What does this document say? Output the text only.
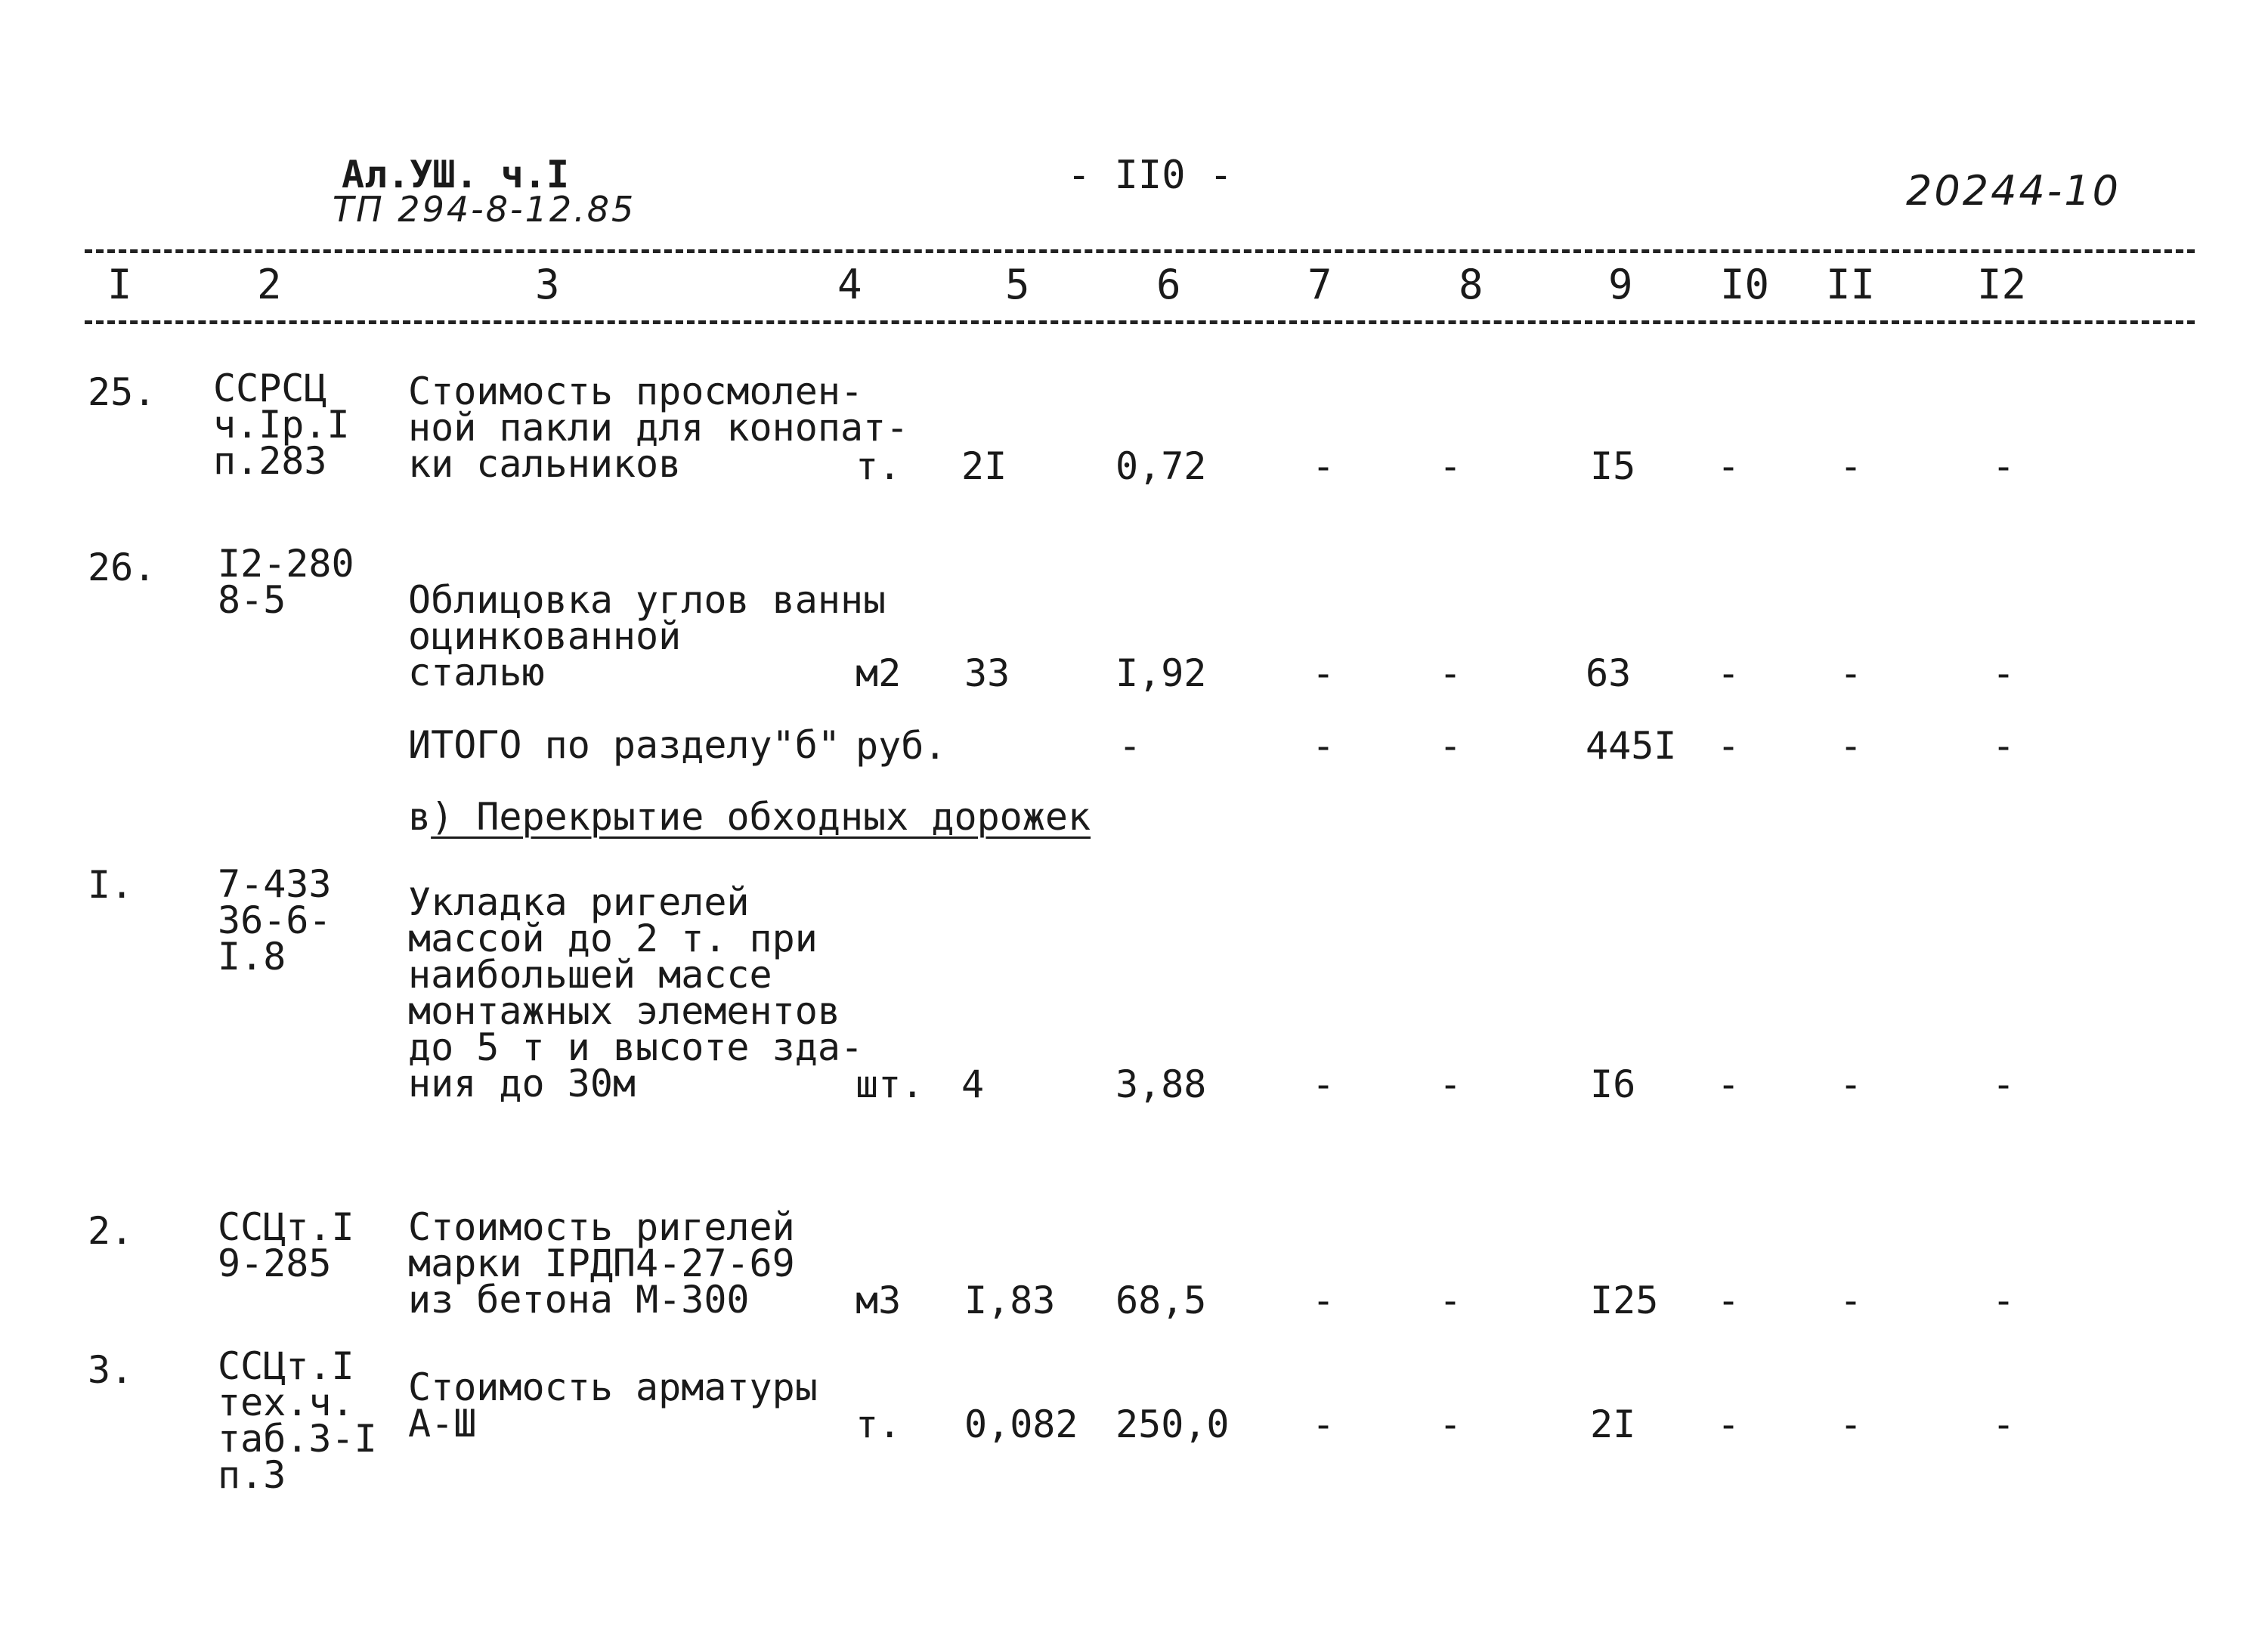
Ал.УШ. ч.I
ТП 294-8-12.85
- II0 -	20244-10
I	2	3	4	5	6	7	8	9 I0 II I2
25. ССРСЦ
ч.Iр.I
п.283
Стоимость просмолен-
ной пакли для конопат-
ки сальников	т. 2I	0,72	-	-	I5 -	-	-
26. I2-280
8-5	Облицовка углов ванны
оцинкованной
сталью	м2 33	I,92	-	-	63 -	-	-
ИТОГО по разделу"б" руб.	-	-	-	445I -	-	-
в) Перекрытие обходных дорожек
I. 7-433
36-6-
I.8
Укладка ригелей
массой до 2 т. при
наибольшей массе
монтажных элементов
до 5 т и высоте зда-
ния до 30м	шт. 4	3,88	-	-	I6 -	-	-
2. ССЦт.I
9-285
Стоимость ригелей
марки IРДП4-27-69
из бетона М-300	м3 I,83 68,5	-	-	I25 -	-	-
3. ССЦт.I
тех.ч.
таб.3-I
п.3
Стоимость арматуры
А-Ш	т. 0,082 250,0 -	-	2I -	-	-
